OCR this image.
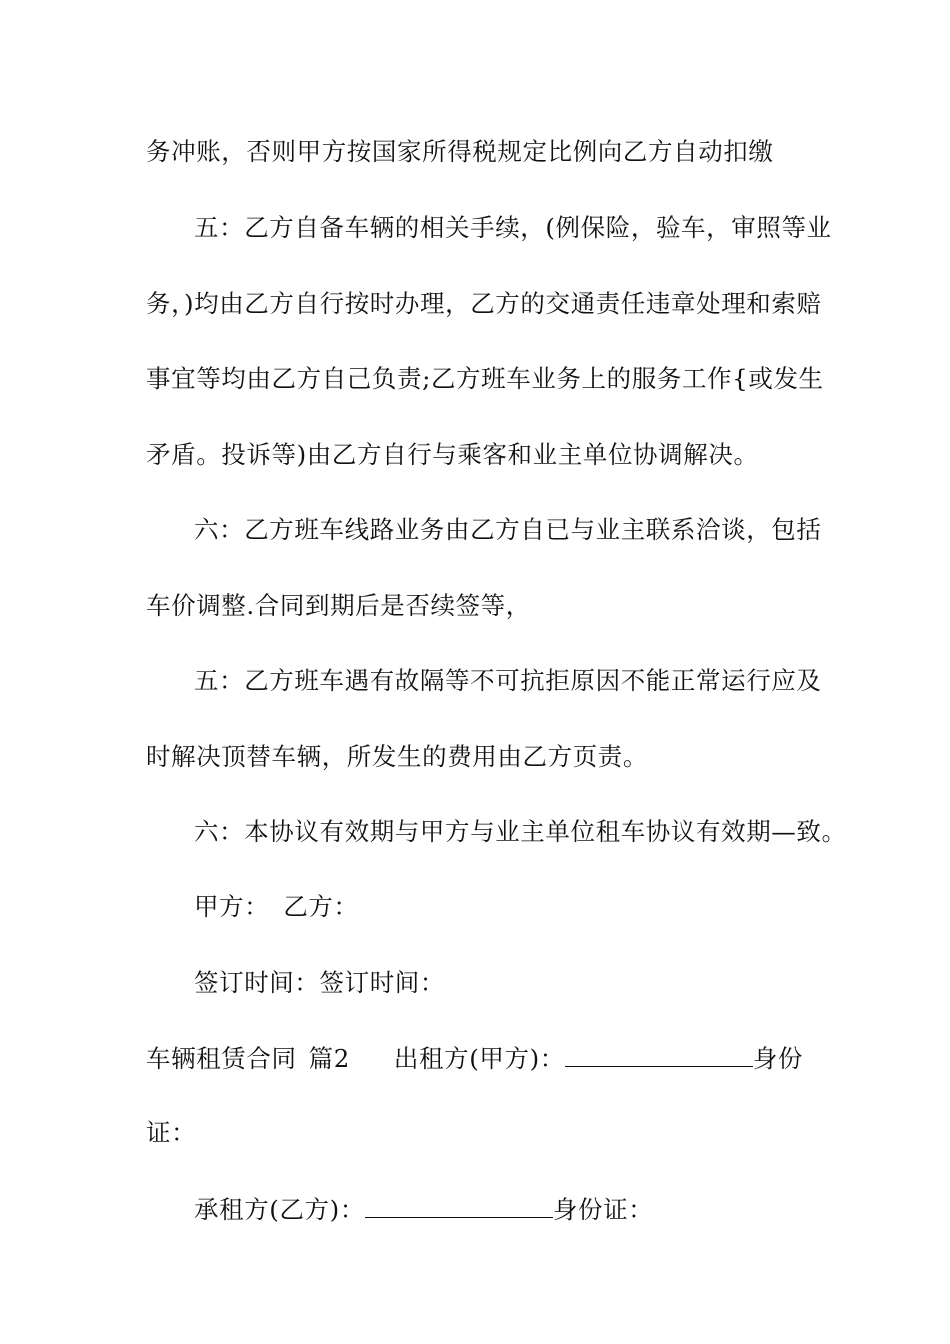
务冲账，否则甲方按国家所得税规定比例向乙方自动扣缴
五：乙方自备车辆的相关手续，(例保险，验车，审照等业
务，)均由乙方自行按时办理，乙方的交通责任违章处理和索赔
事宜等均由乙方自己负责;乙方班车业务上的服务工作{或发生
矛盾。投诉等)由乙方自行与乘客和业主单位协调解决。
六：乙方班车线路业务由乙方自已与业主联系洽谈，包括
车价调整.合同到期后是否续签等，
五：乙方班车遇有故隔等不可抗拒原因不能正常运行应及
时解决顶替车辆，所发生的费用由乙方页责。
六：本协议有效期与甲方与业主单位租车协议有效期—致。
甲方： 乙方：
签订时间：签订时间：
车辆租赁合同 篇2 出租方(甲方)：	身份
证：
承租方(乙方)：	身份证：
